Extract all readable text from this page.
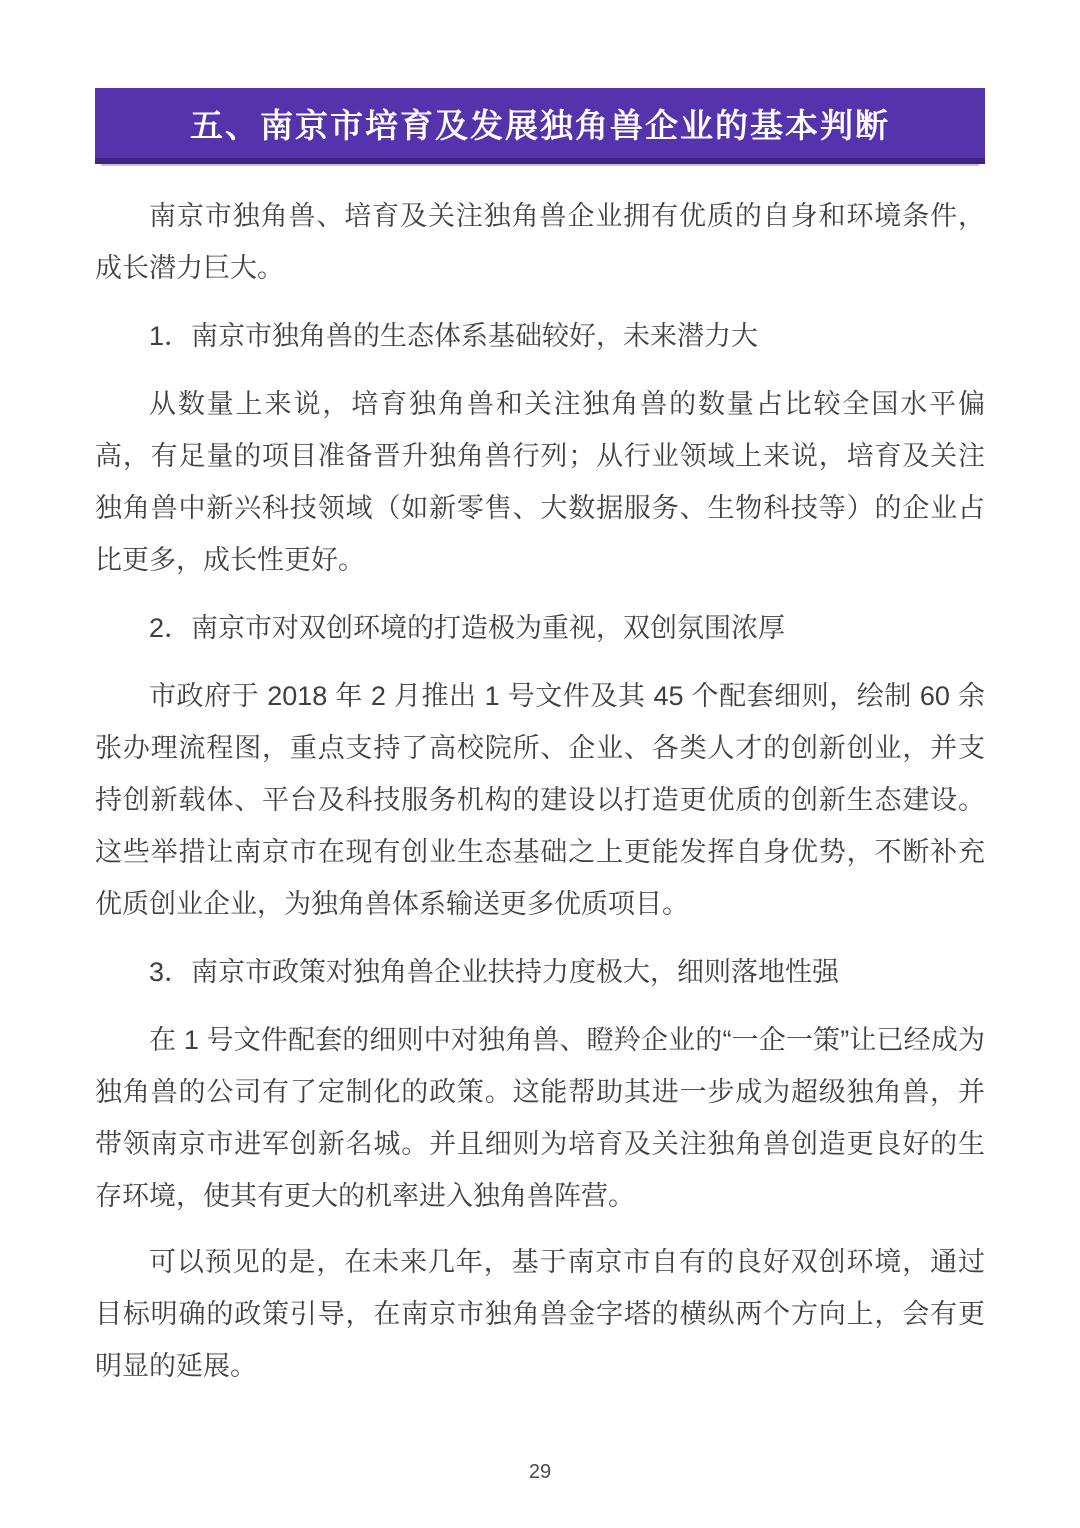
五、南京市培育及发展独角兽企业的基本判断
南京市独角兽、培育及关注独角兽企业拥有优质的自身和环境条件，成长潜力巨大。
1．南京市独角兽的生态体系基础较好，未来潜力大
从数量上来说，培育独角兽和关注独角兽的数量占比较全国水平偏高，有足量的项目准备晋升独角兽行列；从行业领域上来说，培育及关注独角兽中新兴科技领域（如新零售、大数据服务、生物科技等）的企业占比更多，成长性更好。
2．南京市对双创环境的打造极为重视，双创氛围浓厚
市政府于 2018 年 2 月推出 1 号文件及其 45 个配套细则，绘制 60 余张办理流程图，重点支持了高校院所、企业、各类人才的创新创业，并支持创新载体、平台及科技服务机构的建设以打造更优质的创新生态建设。这些举措让南京市在现有创业生态基础之上更能发挥自身优势，不断补充优质创业企业，为独角兽体系输送更多优质项目。
3．南京市政策对独角兽企业扶持力度极大，细则落地性强
在 1 号文件配套的细则中对独角兽、瞪羚企业的“一企一策”让已经成为独角兽的公司有了定制化的政策。这能帮助其进一步成为超级独角兽，并带领南京市进军创新名城。并且细则为培育及关注独角兽创造更良好的生存环境，使其有更大的机率进入独角兽阵营。
可以预见的是，在未来几年，基于南京市自有的良好双创环境，通过目标明确的政策引导，在南京市独角兽金字塔的横纵两个方向上，会有更明显的延展。
29
